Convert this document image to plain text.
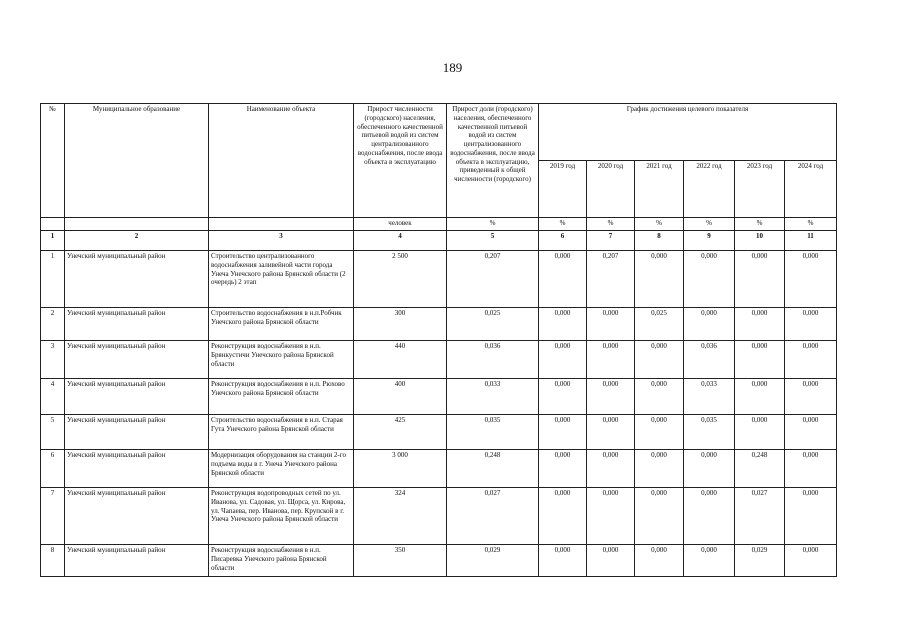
189
№	Муниципальное образование	Наименование объекта	Прирост численности (городского) населения, обеспеченного качественной питьевой водой из систем централизованного водоснабжения, после ввода объекта в эксплуатацию	Прирост доли (городского) населения, обеспеченного качественной питьевой водой из систем централизованного водоснабжения, после ввода объекта в эксплуатацию, приведенный к общей численности (городского)	График достижения целевого показателя					
					2019 год	2020 год	2021 год	2022 год	2023 год	2024 год
			человек	%	%	%	%	%	%	%
1	2	3	4	5	6	7	8	9	10	11
1	Унечский муниципальный район	Строительство централизованного водоснабжения заливейной части города Унеча Унечского района Брянской области (2 очередь) 2 этап	2 500	0,207	0,000	0,207	0,000	0,000	0,000	0,000
2	Унечский муниципальный район	Строительство водоснабжения в н.п.Робчик Унечского района Брянской области	300	0,025	0,000	0,000	0,025	0,000	0,000	0,000
3	Унечский муниципальный район	Реконструкция водоснабжения в н.п. Брянкустичи Унечского района Брянской области	440	0,036	0,000	0,000	0,000	0,036	0,000	0,000
4	Унечский муниципальный район	Реконструкция водоснабжения в н.п. Рюхово Унечского района Брянской области	400	0,033	0,000	0,000	0,000	0,033	0,000	0,000
5	Унечский муниципальный район	Строительство водоснабжения в н.п. Старая Гута Унечского района Брянской области	425	0,035	0,000	0,000	0,000	0,035	0,000	0,000
6	Унечский муниципальный район	Модернизация оборудования на станции 2-го подъема воды в г. Унеча Унечского района Брянской области	3 000	0,248	0,000	0,000	0,000	0,000	0,248	0,000
7	Унечский муниципальный район	Реконструкция водопроводных сетей по ул. Иванова, ул. Садовая, ул. Щорса, ул. Кирова, ул. Чапаева, пер. Иванова, пер. Крупской в г. Унеча Унечского района Брянской области	324	0,027	0,000	0,000	0,000	0,000	0,027	0,000
8	Унечский муниципальный район	Реконструкция водоснабжения в н.п. Писаревка Унечского района Брянской области	350	0,029	0,000	0,000	0,000	0,000	0,029	0,000
